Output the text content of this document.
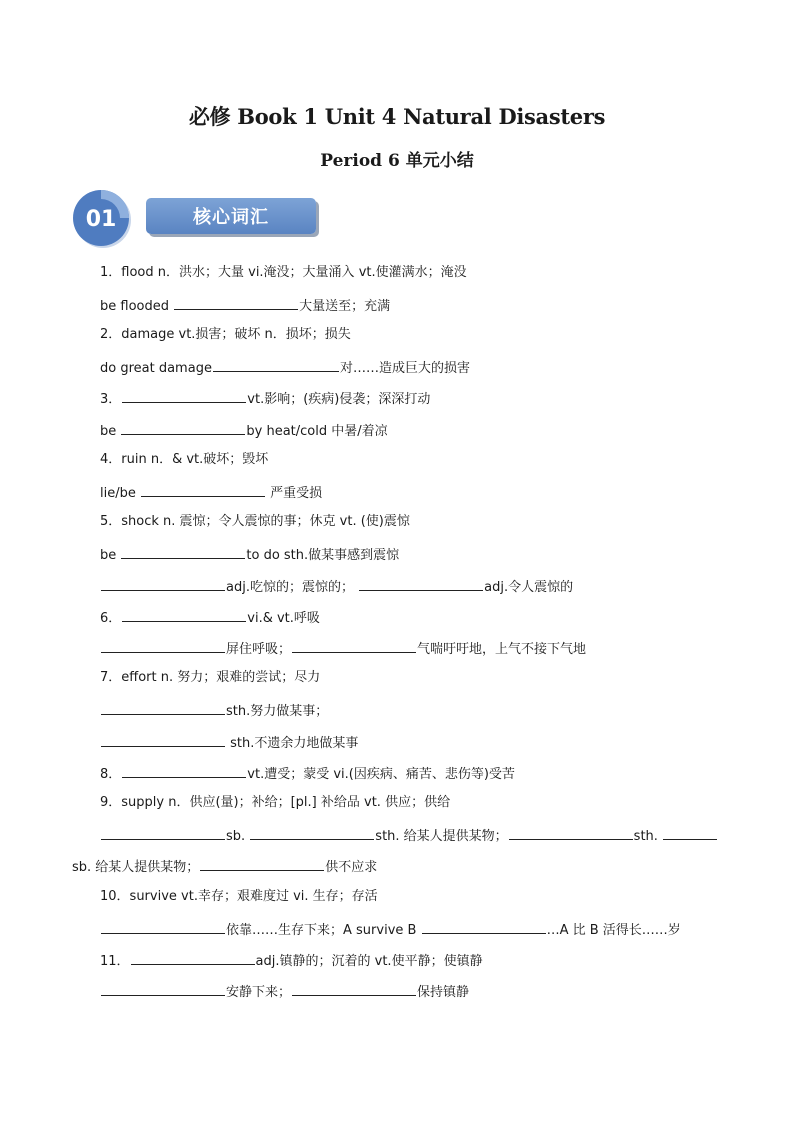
必修 Book 1 Unit 4 Natural Disasters
Period 6 单元小结
01	核心词汇
1．flood n．洪水；大量 vi.淹没；大量涌入 vt.使灌满水；淹没
be flooded	大量送至；充满
2．damage vt.损害；破坏 n．损坏；损失
do great damage	对……造成巨大的损害
3．	vt.影响；(疾病)侵袭；深深打动
be	by heat/cold 中暑/着凉
4．ruin n．& vt.破坏；毁坏
lie/be	严重受损
5．shock n. 震惊；令人震惊的事；休克 vt. (使)震惊
be	to do sth.做某事感到震惊
adj.吃惊的；震惊的；	adj.令人震惊的
6．	vi.& vt.呼吸
屏住呼吸；	气喘吁吁地，上气不接下气地
7．effort n. 努力；艰难的尝试；尽力
sth.努力做某事；
sth.不遗余力地做某事
8．	vt.遭受；蒙受 vi.(因疾病、痛苦、悲伤等)受苦
9．supply n．供应(量)；补给；[pl.] 补给品 vt. 供应；供给
sb.	sth. 给某人提供某物；	sth.
sb. 给某人提供某物；	供不应求
10．survive vt.幸存；艰难度过 vi. 生存；存活
依靠……生存下来；A survive B	…A 比 B 活得长……岁
11．	adj.镇静的；沉着的 vt.使平静；使镇静
安静下来；	保持镇静
